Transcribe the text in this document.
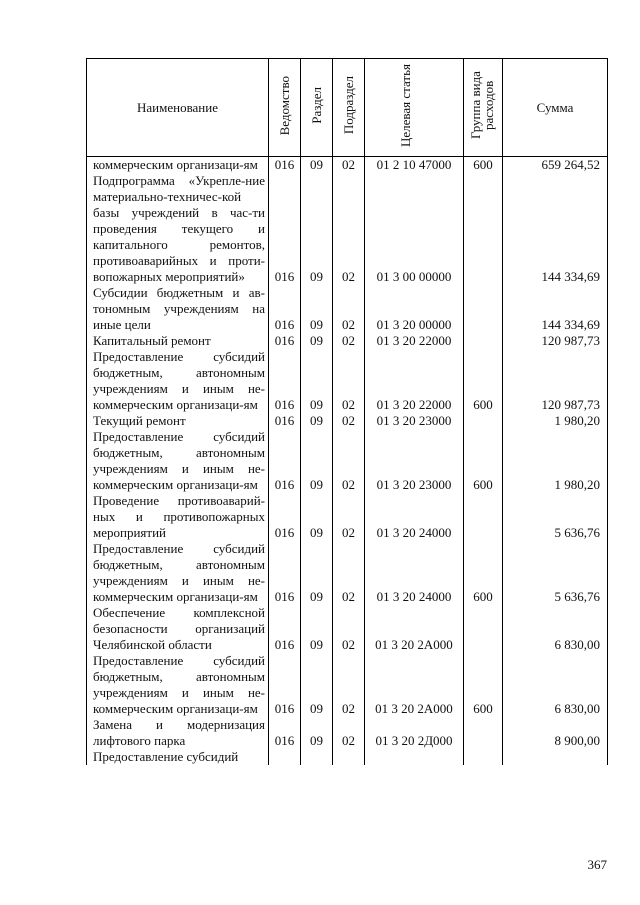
Наименование	Ведомство	Раздел	Подраздел	Целевая статья	Группа вида расходов	Сумма
коммерческим организаци-ям	016	09	02	01 2 10 47000	600	659 264,52
Подпрограмма «Укрепле-ние материально-техничес-кой базы учреждений в час-ти проведения текущего и капитального ремонтов, противоаварийных и проти-вопожарных мероприятий»	016	09	02	01 3 00 00000		144 334,69
Субсидии бюджетным и ав-тономным учреждениям на иные цели	016	09	02	01 3 20 00000		144 334,69
Капитальный ремонт	016	09	02	01 3 20 22000		120 987,73
Предоставление субсидий бюджетным, автономным учреждениям и иным не-коммерческим организаци-ям	016	09	02	01 3 20 22000	600	120 987,73
Текущий ремонт	016	09	02	01 3 20 23000		1 980,20
Предоставление субсидий бюджетным, автономным учреждениям и иным не-коммерческим организаци-ям	016	09	02	01 3 20 23000	600	1 980,20
Проведение противоаварий-ных и противопожарных мероприятий	016	09	02	01 3 20 24000		5 636,76
Предоставление субсидий бюджетным, автономным учреждениям и иным не-коммерческим организаци-ям	016	09	02	01 3 20 24000	600	5 636,76
Обеспечение комплексной безопасности организаций Челябинской области	016	09	02	01 3 20 2А000		6 830,00
Предоставление субсидий бюджетным, автономным учреждениям и иным не-коммерческим организаци-ям	016	09	02	01 3 20 2А000	600	6 830,00
Замена и модернизация лифтового парка	016	09	02	01 3 20 2Д000		8 900,00
Предоставление субсидий						
367
